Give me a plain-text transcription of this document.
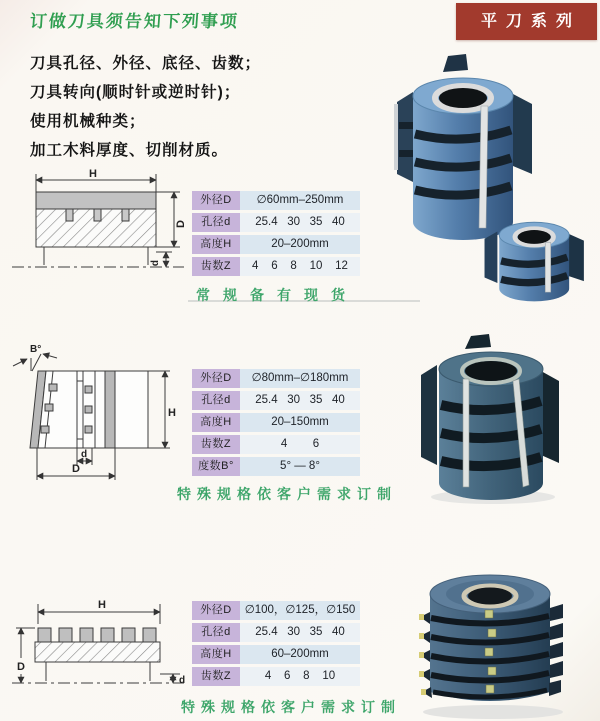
订做刀具须告知下列事项	平刀系列
刀具孔径、外径、底径、齿数；
刀具转向(顺时针或逆时针)；
使用机械种类；
加工木料厚度、切削材质。
H
D
d
外径D	∅60mm–250mm
孔径d	25.4   30   35   40
高度H	20–200mm
齿数Z	4    6    8    10    12
常规备有现货
B°
H
d
D
外径D	∅80mm–∅180mm
孔径d	25.4   30   35   40
高度H	20–150mm
齿数Z	4        6
度数B°	5° — 8°
特殊规格依客户需求订制
H
D
d
外径D	∅100，∅125，∅150
孔径d	25.4   30   35   40
高度H	60–200mm
齿数Z	4    6    8    10
特殊规格依客户需求订制
